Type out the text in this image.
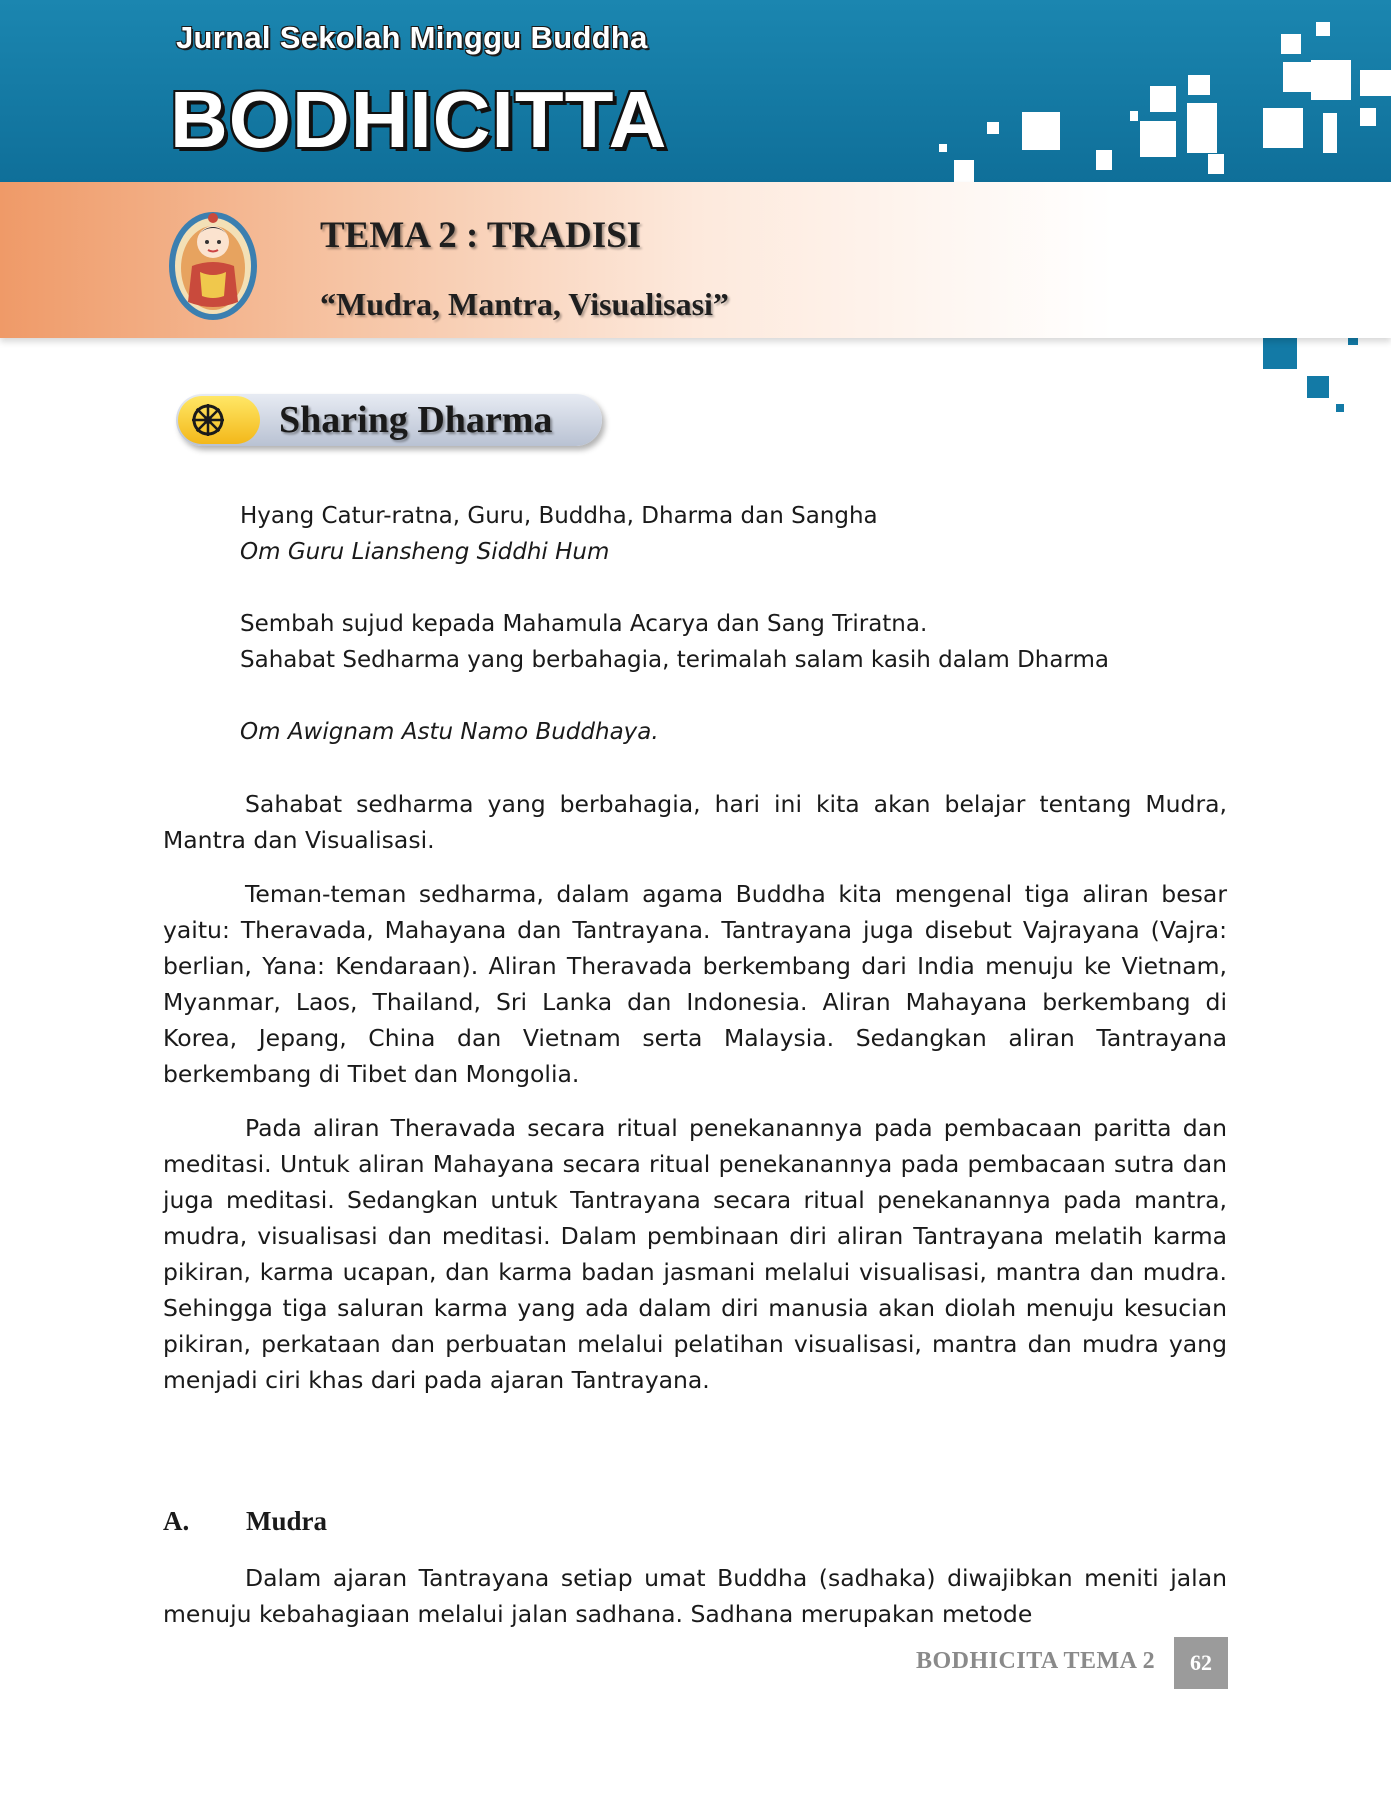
Jurnal Sekolah Minggu Buddha
BODHICITTA
TEMA 2 : TRADISI
“Mudra, Mantra, Visualisasi”
Sharing Dharma
Hyang Catur-ratna, Guru, Buddha, Dharma dan Sangha
Om Guru Liansheng Siddhi Hum
Sembah sujud kepada Mahamula Acarya dan Sang Triratna.
Sahabat Sedharma yang berbahagia, terimalah salam kasih dalam Dharma
Om Awignam Astu Namo Buddhaya.

Sahabat sedharma yang berbahagia, hari ini kita akan belajar tentang Mudra, Mantra dan Visualisasi.

Teman-teman sedharma, dalam agama Buddha kita mengenal tiga aliran besar yaitu: Theravada, Mahayana dan Tantrayana. Tantrayana juga disebut Vajrayana (Vajra: berlian, Yana: Kendaraan). Aliran Theravada berkembang dari India menuju ke Vietnam, Myanmar, Laos, Thailand, Sri Lanka dan Indonesia. Aliran Mahayana berkembang di Korea, Jepang, China dan Vietnam serta Malaysia. Sedangkan aliran Tantrayana berkembang di Tibet dan Mongolia.

Pada aliran Theravada secara ritual penekanannya pada pembacaan paritta dan meditasi. Untuk aliran Mahayana secara ritual penekanannya pada pembacaan sutra dan juga meditasi. Sedangkan untuk Tantrayana secara ritual penekanannya pada mantra, mudra, visualisasi dan meditasi. Dalam pembinaan diri aliran Tantrayana melatih karma pikiran, karma ucapan, dan karma badan jasmani melalui visualisasi, mantra dan mudra. Sehingga tiga saluran karma yang ada dalam diri manusia akan diolah menuju kesucian pikiran, perkataan dan perbuatan melalui pelatihan visualisasi, mantra dan mudra yang menjadi ciri khas dari pada ajaran Tantrayana.

A. Mudra

Dalam ajaran Tantrayana setiap umat Buddha (sadhaka) diwajibkan meniti jalan menuju kebahagiaan melalui jalan sadhana. Sadhana merupakan metode

BODHICITA TEMA 2	62
